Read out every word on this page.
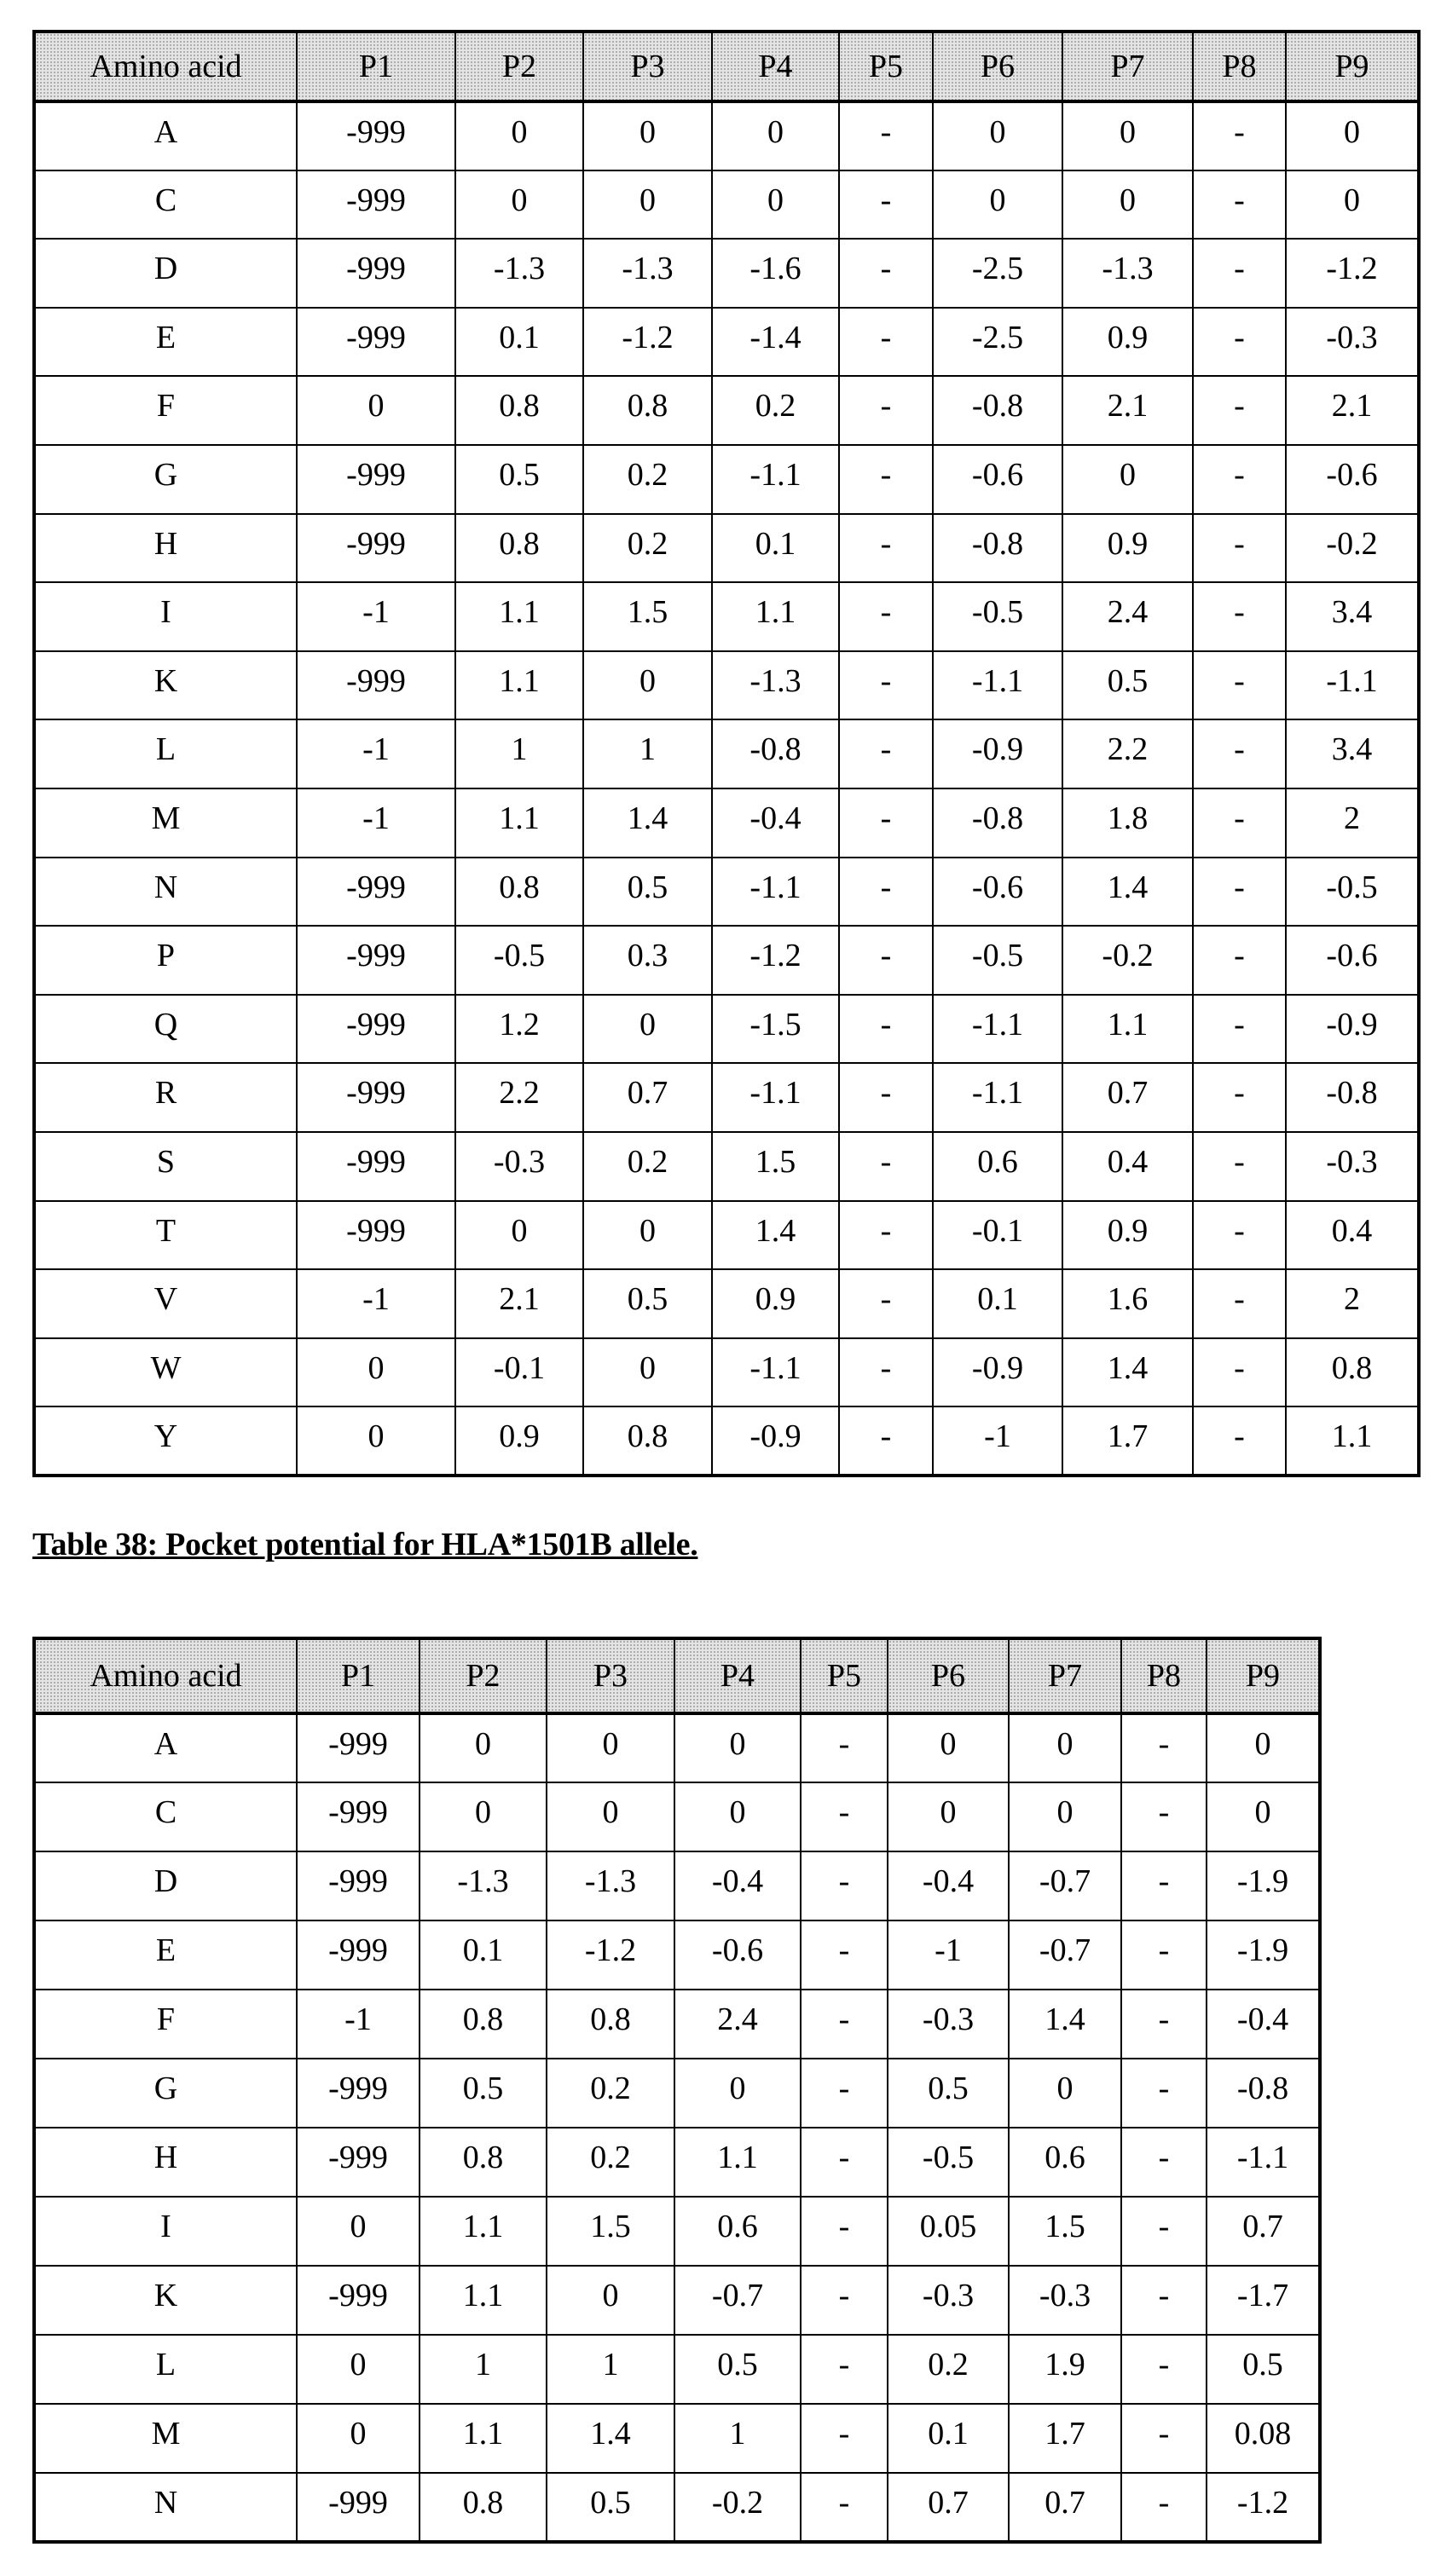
Amino acid	P1	P2	P3	P4	P5	P6	P7	P8	P9
A	-999	0	0	0	-	0	0	-	0
C	-999	0	0	0	-	0	0	-	0
D	-999	-1.3	-1.3	-1.6	-	-2.5	-1.3	-	-1.2
E	-999	0.1	-1.2	-1.4	-	-2.5	0.9	-	-0.3
F	0	0.8	0.8	0.2	-	-0.8	2.1	-	2.1
G	-999	0.5	0.2	-1.1	-	-0.6	0	-	-0.6
H	-999	0.8	0.2	0.1	-	-0.8	0.9	-	-0.2
I	-1	1.1	1.5	1.1	-	-0.5	2.4	-	3.4
K	-999	1.1	0	-1.3	-	-1.1	0.5	-	-1.1
L	-1	1	1	-0.8	-	-0.9	2.2	-	3.4
M	-1	1.1	1.4	-0.4	-	-0.8	1.8	-	2
N	-999	0.8	0.5	-1.1	-	-0.6	1.4	-	-0.5
P	-999	-0.5	0.3	-1.2	-	-0.5	-0.2	-	-0.6
Q	-999	1.2	0	-1.5	-	-1.1	1.1	-	-0.9
R	-999	2.2	0.7	-1.1	-	-1.1	0.7	-	-0.8
S	-999	-0.3	0.2	1.5	-	0.6	0.4	-	-0.3
T	-999	0	0	1.4	-	-0.1	0.9	-	0.4
V	-1	2.1	0.5	0.9	-	0.1	1.6	-	2
W	0	-0.1	0	-1.1	-	-0.9	1.4	-	0.8
Y	0	0.9	0.8	-0.9	-	-1	1.7	-	1.1
Table 38: Pocket potential for HLA*1501B allele.
Amino acid	P1	P2	P3	P4	P5	P6	P7	P8	P9
A	-999	0	0	0	-	0	0	-	0
C	-999	0	0	0	-	0	0	-	0
D	-999	-1.3	-1.3	-0.4	-	-0.4	-0.7	-	-1.9
E	-999	0.1	-1.2	-0.6	-	-1	-0.7	-	-1.9
F	-1	0.8	0.8	2.4	-	-0.3	1.4	-	-0.4
G	-999	0.5	0.2	0	-	0.5	0	-	-0.8
H	-999	0.8	0.2	1.1	-	-0.5	0.6	-	-1.1
I	0	1.1	1.5	0.6	-	0.05	1.5	-	0.7
K	-999	1.1	0	-0.7	-	-0.3	-0.3	-	-1.7
L	0	1	1	0.5	-	0.2	1.9	-	0.5
M	0	1.1	1.4	1	-	0.1	1.7	-	0.08
N	-999	0.8	0.5	-0.2	-	0.7	0.7	-	-1.2
